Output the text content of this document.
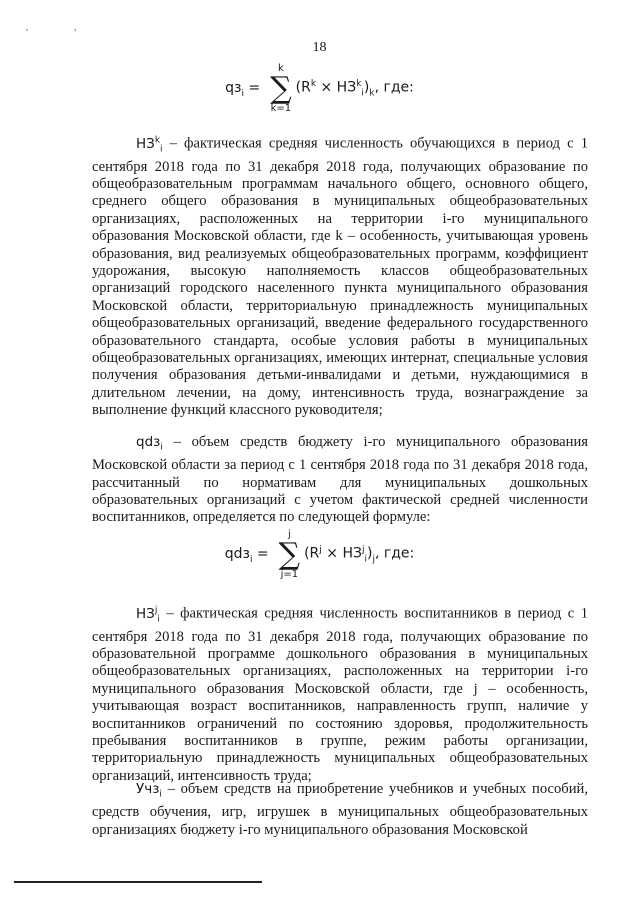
' '
18
$qз_i$ =
k
∑
k=1
$(R^k \times НЗ^k_i)_k$, где:

$НЗ^k_i$ – фактическая средняя численность обучающихся в период с 1 сентября 2018 года по 31 декабря 2018 года, получающих образование по общеобразовательным программам начального общего, основного общего, среднего общего образования в муниципальных общеобразовательных организациях, расположенных на территории i-го муниципального образования Московской области, где k – особенность, учитывающая уровень образования, вид реализуемых общеобразовательных программ, коэффициент удорожания, высокую наполняемость классов общеобразовательных организаций городского населенного пункта муниципального образования Московской области, территориальную принадлежность муниципальных общеобразовательных организаций, введение федерального государственного образовательного стандарта, особые условия работы в муниципальных общеобразовательных организациях, имеющих интернат, специальные условия получения образования детьми-инвалидами и детьми, нуждающимися в длительном лечении, на дому, интенсивность труда, вознаграждение за выполнение функций классного руководителя;

qdз$_i$ – объем средств бюджету i-го муниципального образования Московской области за период с 1 сентября 2018 года по 31 декабря 2018 года, рассчитанный по нормативам для муниципальных дошкольных образовательных организаций с учетом фактической средней численности воспитанников, определяется по следующей формуле:

qdз$_i$ =
j
∑
j=1
$(R^j \times НЗ^j_i)_j$, где:

$НЗ^j_i$ – фактическая средняя численность воспитанников в период с 1 сентября 2018 года по 31 декабря 2018 года, получающих образование по образовательной программе дошкольного образования в муниципальных общеобразовательных организациях, расположенных на территории i-го муниципального образования Московской области, где j – особенность, учитывающая возраст воспитанников, направленность групп, наличие у воспитанников ограничений по состоянию здоровья, продолжительность пребывания воспитанников в группе, режим работы организации, территориальную принадлежность муниципальных общеобразовательных организаций, интенсивность труда;

Учз$_i$ – объем средств на приобретение учебников и учебных пособий, средств обучения, игр, игрушек в муниципальных общеобразовательных организациях бюджету i-го муниципального образования Московской
